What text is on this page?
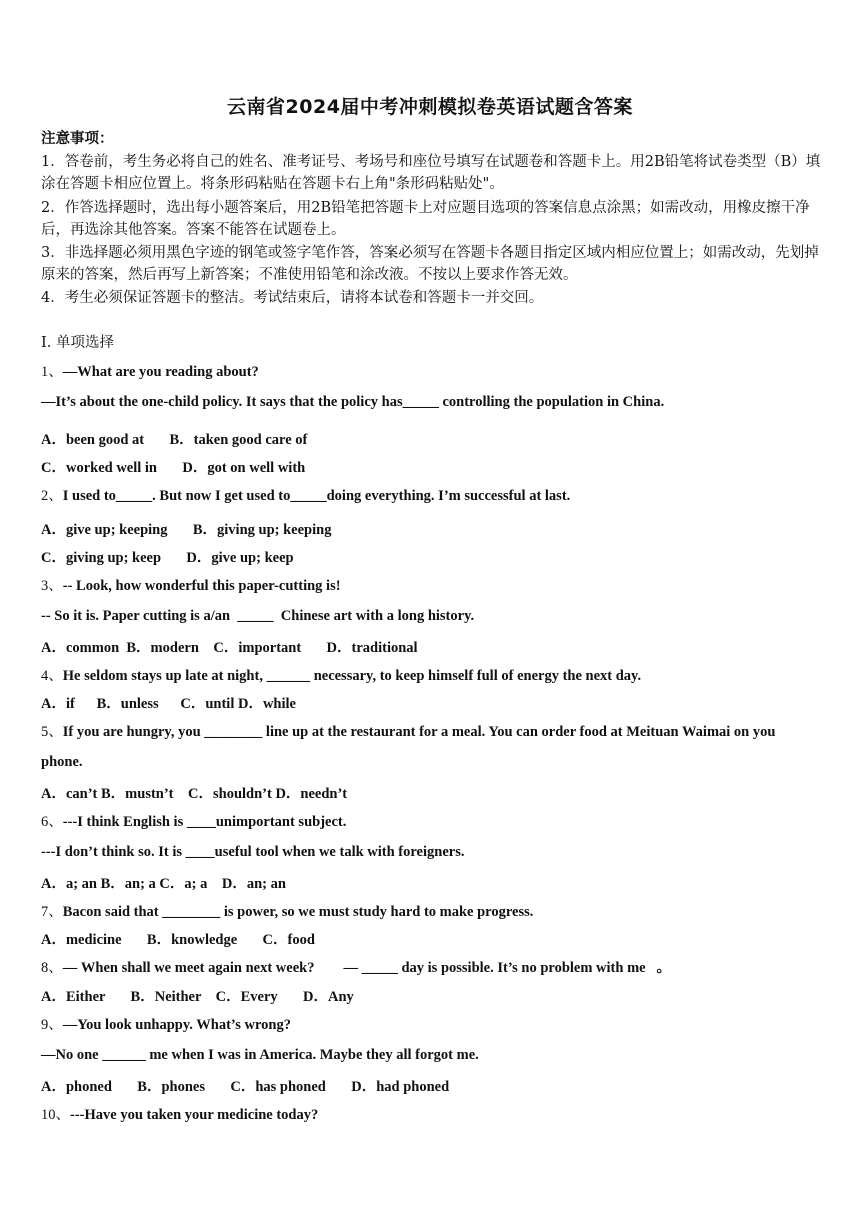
云南省2024届中考冲刺模拟卷英语试题含答案
注意事项：
1．答卷前，考生务必将自己的姓名、准考证号、考场号和座位号填写在试题卷和答题卡上。用2B铅笔将试卷类型（B）填涂在答题卡相应位置上。将条形码粘贴在答题卡右上角"条形码粘贴处"。
2．作答选择题时，选出每小题答案后，用2B铅笔把答题卡上对应题目选项的答案信息点涂黑；如需改动，用橡皮擦干净后，再选涂其他答案。答案不能答在试题卷上。
3．非选择题必须用黑色字迹的钢笔或签字笔作答，答案必须写在答题卡各题目指定区域内相应位置上；如需改动，先划掉原来的答案，然后再写上新答案；不准使用铅笔和涂改液。不按以上要求作答无效。
4．考生必须保证答题卡的整洁。考试结束后，请将本试卷和答题卡一并交回。
Ⅰ. 单项选择
1、—What are you reading about?
—It’s about the one-child policy. It says that the policy has_____ controlling the population in China.
A．been good at       B．taken good care of
C．worked well in       D．got on well with
2、I used to_____. But now I get used to_____doing everything. I’m successful at last.
A．give up; keeping       B．giving up; keeping
C．giving up; keep       D．give up; keep
3、-- Look, how wonderful this paper-cutting is!
-- So it is. Paper cutting is a/an  _____  Chinese art with a long history.
A．common  B．modern    C．important       D．traditional
4、He seldom stays up late at night, ______ necessary, to keep himself full of energy the next day.
A．if      B．unless      C．until D．while
5、If you are hungry, you ________ line up at the restaurant for a meal. You can order food at Meituan Waimai on you
phone.
A．can’t B．mustn’t    C．shouldn’t D．needn’t
6、---I think English is ____unimportant subject.
---I don’t think so. It is ____useful tool when we talk with foreigners.
A．a; an B．an; a C．a; a    D．an; an
7、Bacon said that ________ is power, so we must study hard to make progress.
A．medicine       B．knowledge       C．food
8、— When shall we meet again next week?        — _____ day is possible. It’s no problem with me   。
A．Either       B．Neither    C．Every       D．Any
9、—You look unhappy. What’s wrong?
—No one ______ me when I was in America. Maybe they all forgot me.
A．phoned       B．phones       C．has phoned       D．had phoned
10、---Have you taken your medicine today?
